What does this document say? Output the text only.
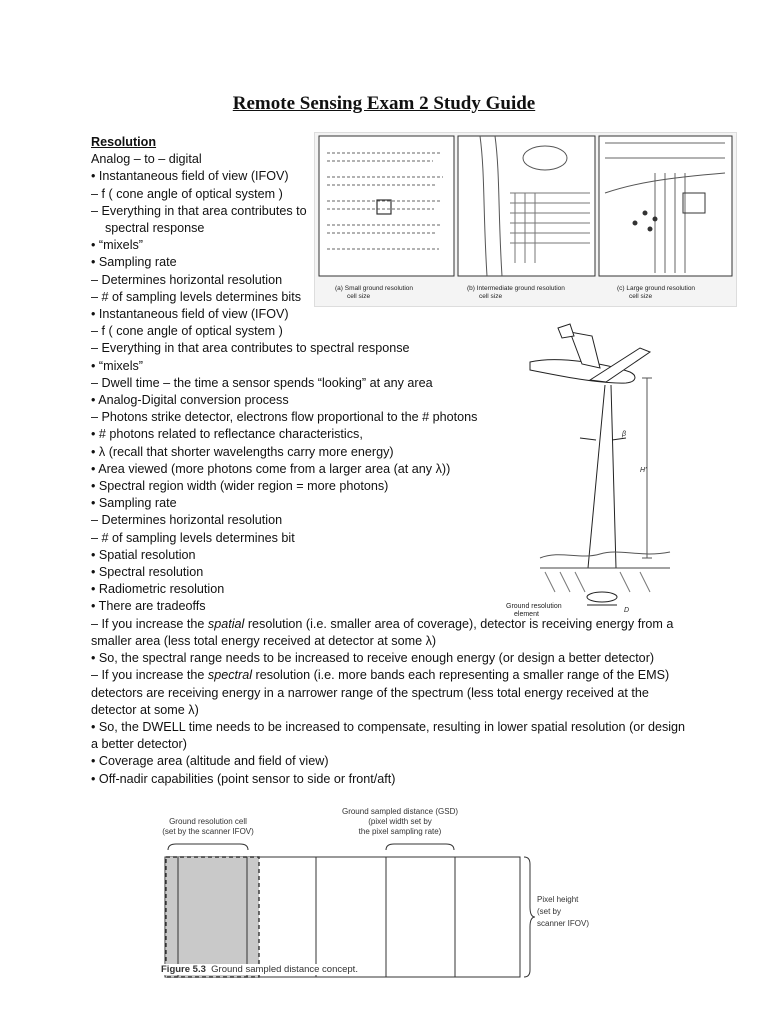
Remote Sensing Exam 2 Study Guide
Resolution
Analog – to – digital
• Instantaneous field of view (IFOV)
– f ( cone angle of optical system )
– Everything in that area contributes to
spectral response
• “mixels”
• Sampling rate
– Determines horizontal resolution
– # of sampling levels determines bits
• Instantaneous field of view (IFOV)
– f ( cone angle of optical system )
– Everything in that area contributes to spectral response
• “mixels”
– Dwell time – the time a sensor spends “looking” at any area
• Analog-Digital conversion process
– Photons strike detector, electrons flow proportional to the # photons
• # photons related to reflectance characteristics,
• λ (recall that shorter wavelengths carry more energy)
• Area viewed (more photons come from a larger area (at any λ))
• Spectral region width (wider region = more photons)
• Sampling rate
– Determines horizontal resolution
– # of sampling levels determines bit
• Spatial resolution
• Spectral resolution
• Radiometric resolution
• There are tradeoffs
– If you increase the spatial resolution (i.e. smaller area of coverage), detector is receiving energy from a smaller area (less total energy received at detector at some λ)
• So, the spectral range needs to be increased to receive enough energy (or design a better detector)
– If you increase the spectral resolution (i.e. more bands each representing a smaller range of the EMS) detectors are receiving energy in a narrower range of the spectrum (less total energy received at the detector at some λ)
• So, the DWELL time needs to be increased to compensate, resulting in lower spatial resolution (or design a better detector)
• Coverage area (altitude and field of view)
• Off-nadir capabilities (point sensor to side or front/aft)
(a) Small ground resolution
cell size
(b) Intermediate ground resolution
cell size
(c) Large ground resolution
cell size
β
H'
Ground resolution
element
D
Ground resolution cell
(set by the scanner IFOV)
Ground sampled distance (GSD)
(pixel width set by
the pixel sampling rate)
Pixel height
(set by
scanner IFOV)
Figure 5.3 Ground sampled distance concept.
